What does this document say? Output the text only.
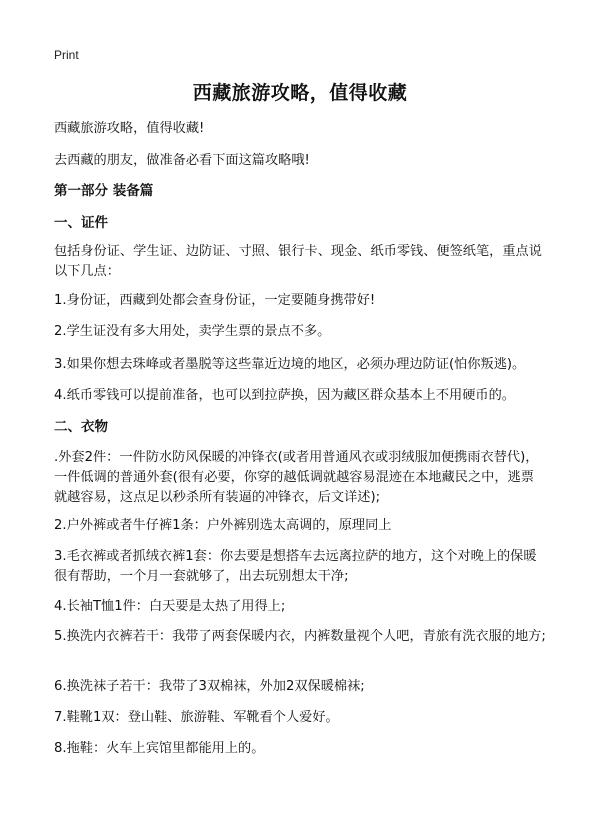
Print
西藏旅游攻略，值得收藏
西藏旅游攻略，值得收藏!
去西藏的朋友，做准备必看下面这篇攻略哦!
第一部分 装备篇
一、证件
包括身份证、学生证、边防证、寸照、银行卡、现金、纸币零钱、便签纸笔，重点说以下几点：
1.身份证，西藏到处都会查身份证，一定要随身携带好!
2.学生证没有多大用处，卖学生票的景点不多。
3.如果你想去珠峰或者墨脱等这些靠近边境的地区，必须办理边防证(怕你叛逃)。
4.纸币零钱可以提前准备，也可以到拉萨换，因为藏区群众基本上不用硬币的。
二、衣物
.外套2件：一件防水防风保暖的冲锋衣(或者用普通风衣或羽绒服加便携雨衣替代)，一件低调的普通外套(很有必要，你穿的越低调就越容易混迹在本地藏民之中，逃票就越容易，这点足以秒杀所有装逼的冲锋衣，后文详述);
2.户外裤或者牛仔裤1条：户外裤别选太高调的，原理同上
3.毛衣裤或者抓绒衣裤1套：你去要是想搭车去远离拉萨的地方，这个对晚上的保暖很有帮助，一个月一套就够了，出去玩别想太干净;
4.长袖T恤1件：白天要是太热了用得上;
5.换洗内衣裤若干：我带了两套保暖内衣，内裤数量视个人吧，青旅有洗衣服的地方;
6.换洗袜子若干：我带了3双棉袜，外加2双保暖棉袜;
7.鞋靴1双：登山鞋、旅游鞋、军靴看个人爱好。
8.拖鞋：火车上宾馆里都能用上的。
